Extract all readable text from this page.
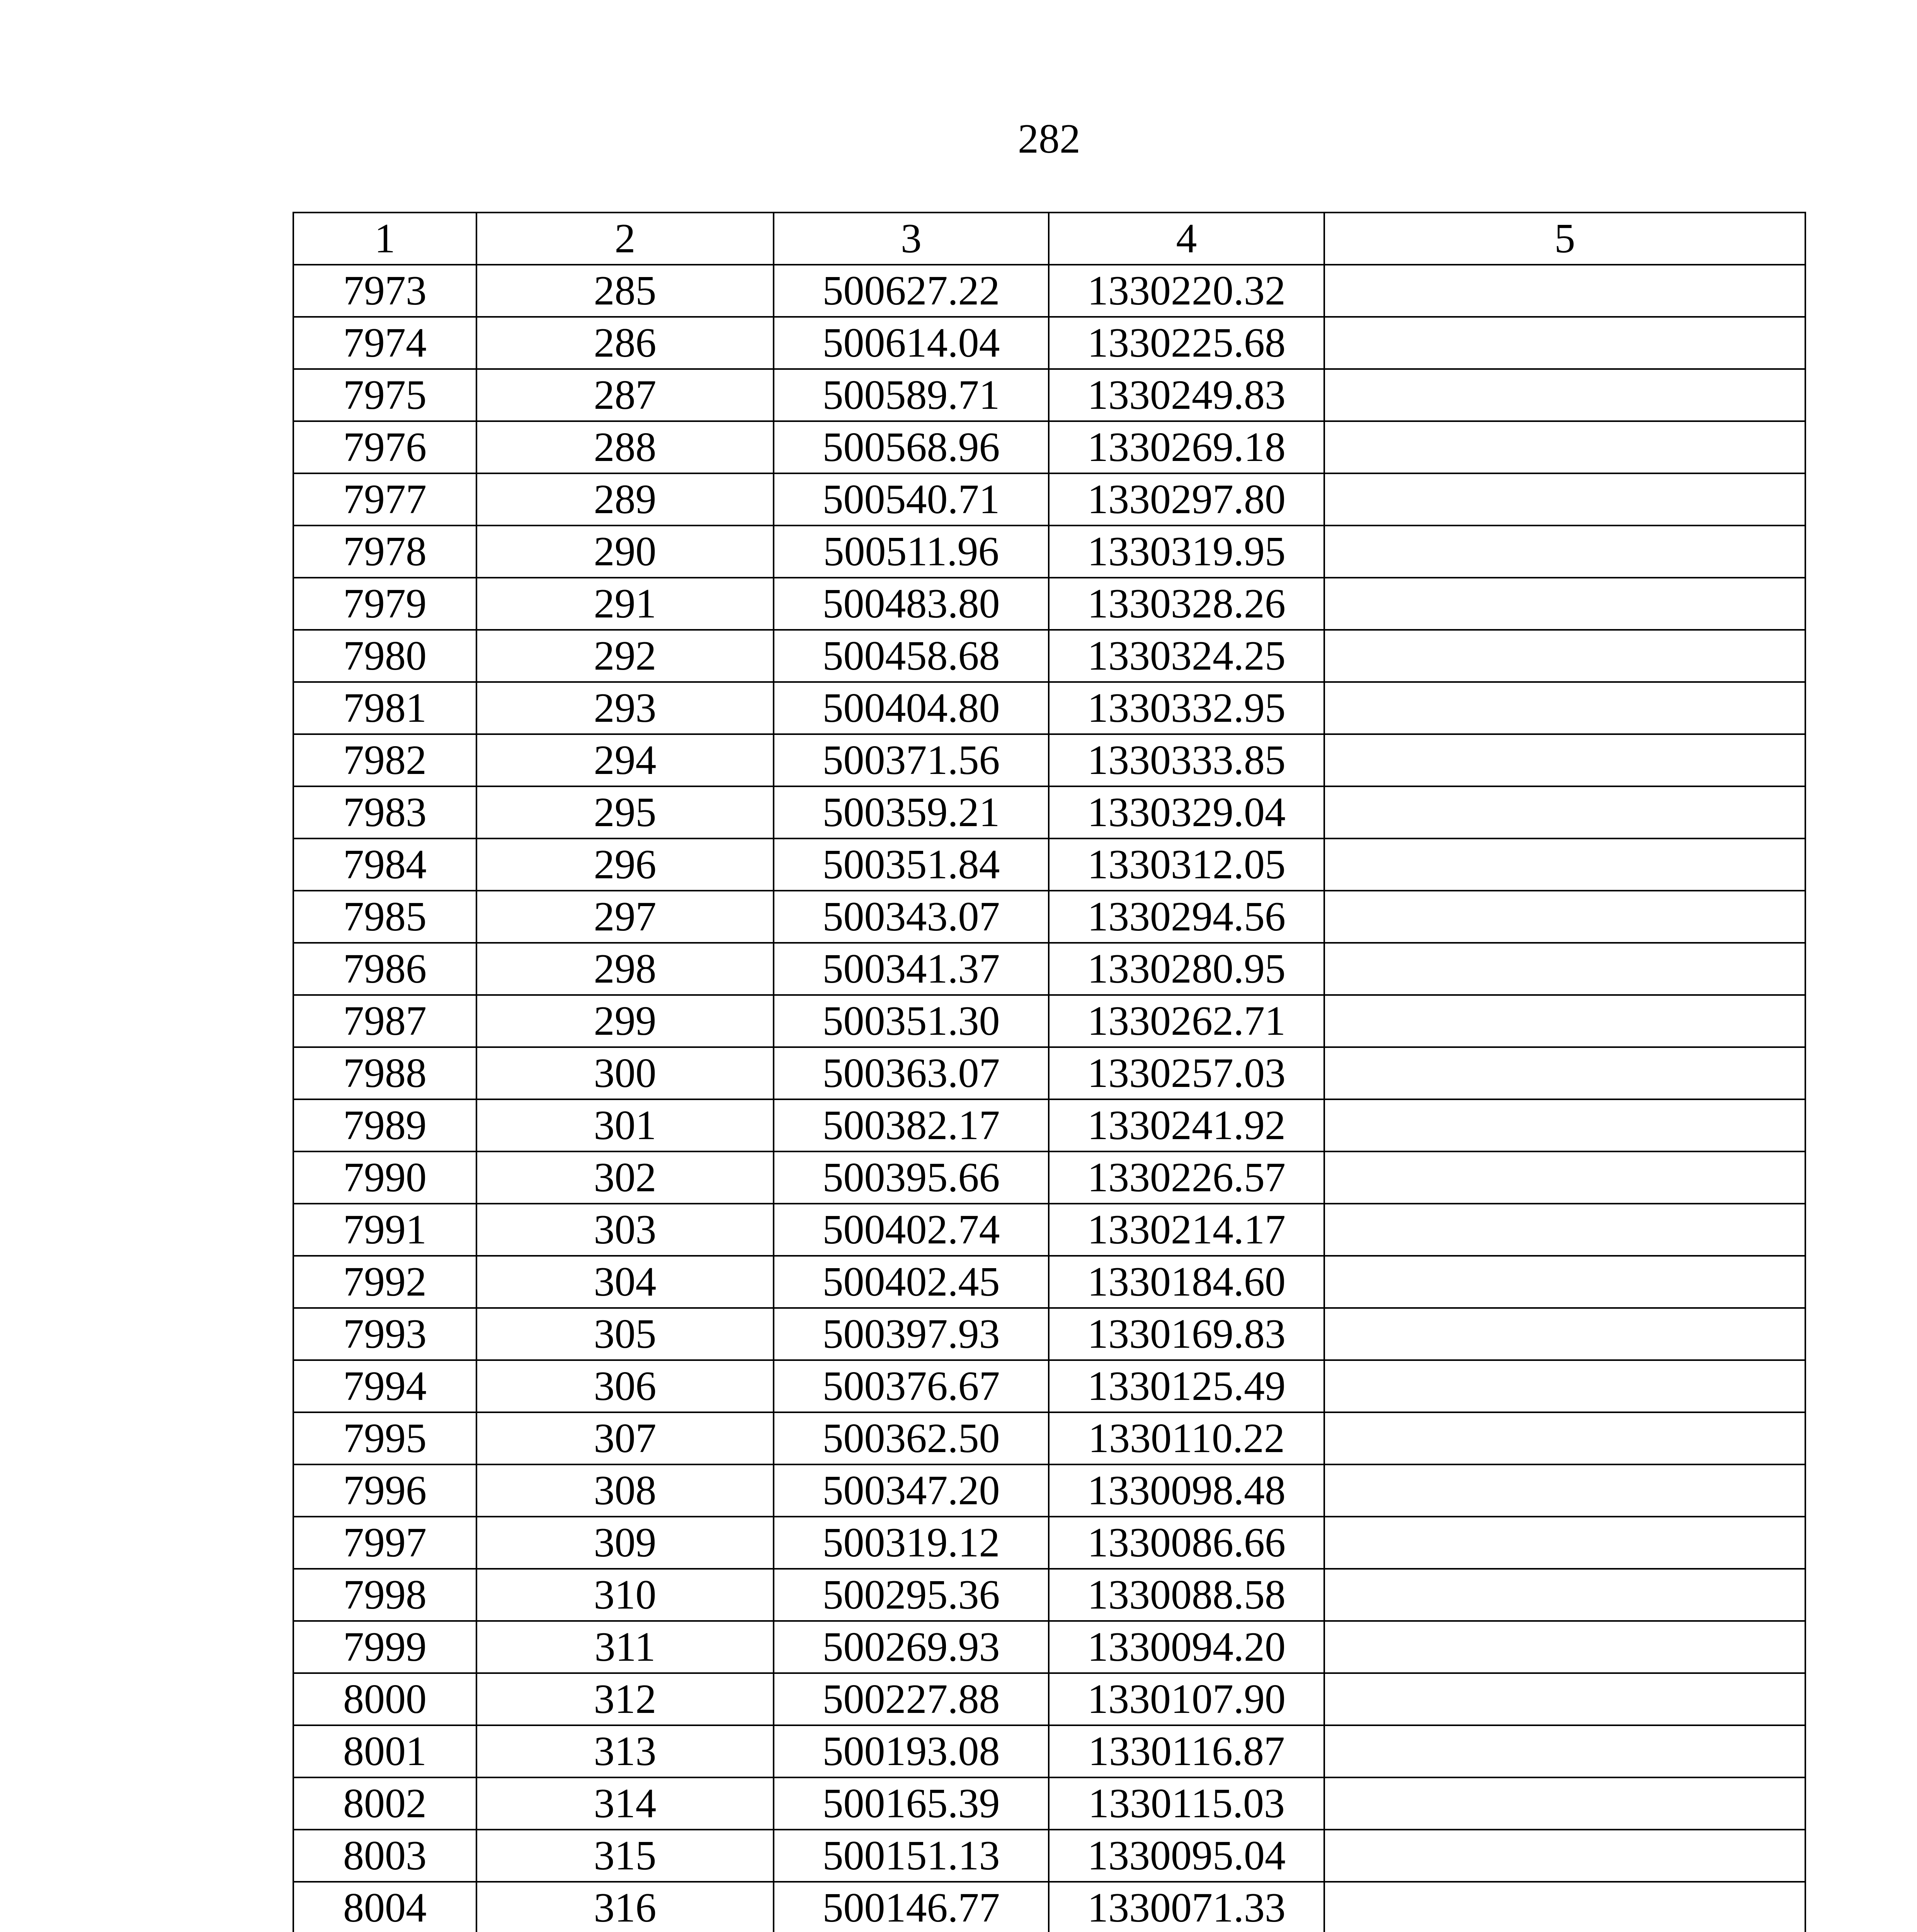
282
1	2	3	4	5
7973	285	500627.22	1330220.32	
7974	286	500614.04	1330225.68	
7975	287	500589.71	1330249.83	
7976	288	500568.96	1330269.18	
7977	289	500540.71	1330297.80	
7978	290	500511.96	1330319.95	
7979	291	500483.80	1330328.26	
7980	292	500458.68	1330324.25	
7981	293	500404.80	1330332.95	
7982	294	500371.56	1330333.85	
7983	295	500359.21	1330329.04	
7984	296	500351.84	1330312.05	
7985	297	500343.07	1330294.56	
7986	298	500341.37	1330280.95	
7987	299	500351.30	1330262.71	
7988	300	500363.07	1330257.03	
7989	301	500382.17	1330241.92	
7990	302	500395.66	1330226.57	
7991	303	500402.74	1330214.17	
7992	304	500402.45	1330184.60	
7993	305	500397.93	1330169.83	
7994	306	500376.67	1330125.49	
7995	307	500362.50	1330110.22	
7996	308	500347.20	1330098.48	
7997	309	500319.12	1330086.66	
7998	310	500295.36	1330088.58	
7999	311	500269.93	1330094.20	
8000	312	500227.88	1330107.90	
8001	313	500193.08	1330116.87	
8002	314	500165.39	1330115.03	
8003	315	500151.13	1330095.04	
8004	316	500146.77	1330071.33	
